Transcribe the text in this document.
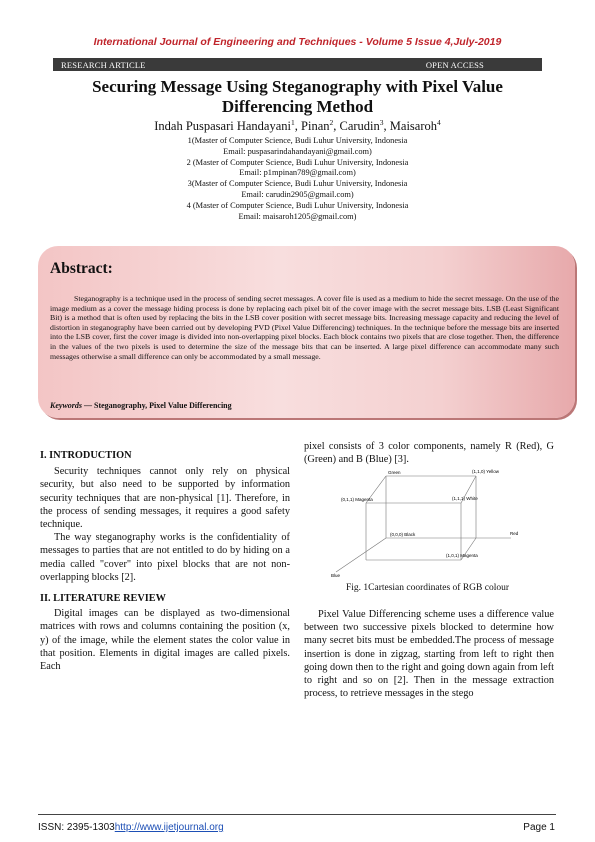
International Journal of Engineering and Techniques - Volume 5 Issue 4,July-2019
RESEARCH ARTICLE	OPEN ACCESS
Securing Message Using Steganography with Pixel Value
Differencing Method
Indah Puspasari Handayani$^1$, Pinan$^2$, Carudin$^3$, Maisaroh$^4$
1(Master of Computer Science, Budi Luhur University, Indonesia
Email: puspasarindahandayani@gmail.com)
2 (Master of Computer Science, Budi Luhur University, Indonesia
Email: p1mpinan789@gmail.com)
3(Master of Computer Science, Budi Luhur University, Indonesia
Email: carudin2905@gmail.com)
4 (Master of Computer Science, Budi Luhur University, Indonesia
Email: maisaroh1205@gmail.com)
Abstract:
Steganography is a technique used in the process of sending secret messages. A cover file is used as a medium to hide the secret message. On the use of the image medium as a cover the message hiding process is done by replacing each pixel bit of the cover image with the secret message bits. LSB (Least Significant Bit) is a method that is often used by replacing the bits in the LSB cover position with secret message bits. Increasing message capacity and reducing the level of distortion in steganography have been carried out by developing PVD (Pixel Value Differencing) techniques. In the technique before the message bits are inserted into the LSB cover, first the cover image is divided into non-overlapping pixel blocks. Each block contains two pixels that are close together. Then, the difference in the values of the two pixels is used to determine the size of the message bits that can be inserted. A large pixel difference can accommodate many such messages otherwise a small difference can only be accommodated by a small message.
Keywords — Steganography, Pixel Value Differencing
I. INTRODUCTION

Security techniques cannot only rely on physical security, but also need to be supported by information security techniques that are non-physical [1]. Therefore, in the process of sending messages, it requires a good safety technique.

The way steganography works is the confidentiality of messages to parties that are not entitled to do by hiding on a media called "cover" into pixel blocks that are not non-overlapping blocks [2].

II. LITERATURE REVIEW

Digital images can be displayed as two-dimensional matrices with rows and columns containing the position (x, y) of the image, while the element states the color value in that position. Elements in digital images are called pixels. Each

pixel consists of 3 color components, namely R (Red), G (Green) and B (Blue) [3].

Green	(1,1,0) Yellow
(0,1,1) Magenta	(1,1,1) White
(0,0,0) Black	Red
(1,0,1) Magenta
Blue
Fig. 1Cartesian coordinates of RGB colour

Pixel Value Differencing scheme uses a difference value between two successive pixels blocked to determine how many secret bits must be embedded.The process of message insertion is done in zigzag, starting from left to right then going down then to the right and going down again from left to right and so on [2]. Then in the message extraction process, to retrieve messages in the stego

ISSN: 2395-1303http://www.ijetjournal.org	Page 1
